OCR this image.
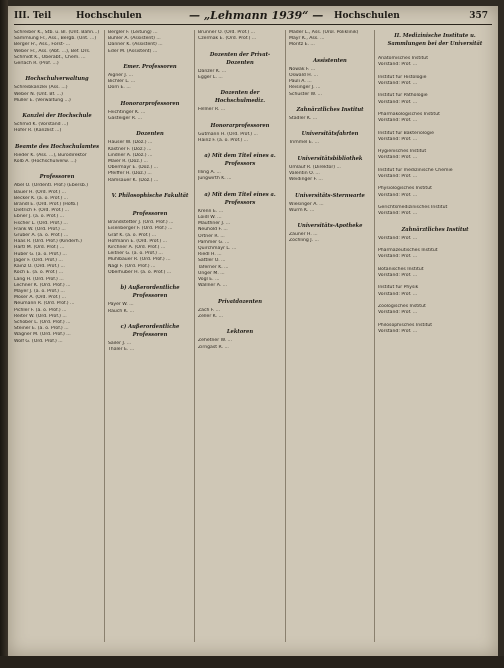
III. Teil	Hochschulen	— „Lehmann 1939“ — Hochschulen	357
Schreiber K., Stb. u. Bl. (Unt. Bahn...)
Sammlung Fr., Ass., Bergb. (Unt. ...)
Berger Fr., Ass., Forst- ...
Weber Fr., Ass. (Abt. ...), Bef. Drs.
Schmidt K., Oberabt., Chem. ...
Gerlach R. (Prof. ...)

Hochschulverwaltung
Schreibkanzlei (Ass. ...)
Weber N. (Unt. Bf. ...)
Müller E. (Verwaltung ...)

Kanzlei der Hochschule
Schmid K. (Vorstand ...)
Hofer R. (Kanzlist ...)

Beamte des Hochschulamtes
Rieder K. (Ass. ...), Bürodirektor
Kolb A. (Hochschulverw. ...)

Professoren
Abel O. (Ordentl. Prof.) (Ebersb.)
Bauer H. (Ord. Prof.) ...
Becker K. (a. o. Prof.) ...
Brandl E. (Ord. Prof.) (Hofb.)
Dietrich F. (Ord. Prof.) ...
Ebner J. (a. o. Prof.) ...
Fischer L. (Ord. Prof.) ...
Frank W. (Ord. Prof.) ...
Gruber A. (a. o. Prof.) ...
Haas R. (Ord. Prof.) (Kinderh.)
Hartl M. (Ord. Prof.) ...
Huber G. (a. o. Prof.) ...
Jäger F. (Ord. Prof.) ...
Kainz O. (Ord. Prof.) ...
Koch E. (a. o. Prof.) ...
Lang H. (Ord. Prof.) ...
Lechner K. (Ord. Prof.) ...
Mayer J. (a. o. Prof.) ...
Moser A. (Ord. Prof.) ...
Neumann R. (Ord. Prof.) ...
Pichler F. (a. o. Prof.) ...
Reiter W. (Ord. Prof.) ...
Schober L. (Ord. Prof.) ...
Steiner E. (a. o. Prof.) ...
Wagner M. (Ord. Prof.) ...
Wolf G. (Ord. Prof.) ...
Bergler F. (Leitung) ...
Bühler A. (Assistent) ...
Danner K. (Assistent) ...
Eder M. (Assistent) ...

Emer. Professoren
Aigner J. ...
Bichler L. ...
Dorn E. ...

Honorarprofessoren
Feichtinger K. ...
Gasteiger R. ...

Dozenten
Hauser W. (Doz.) ...
Kastner F. (Doz.) ...
Lindner A. (Doz.) ...
Maier R. (Doz.) ...
Obermayr E. (Doz.) ...
Pfeiffer H. (Doz.) ...
Ramsauer K. (Doz.) ...

V. Philosophische Fakultät

Professoren
Brandstetter J. (Ord. Prof.) ...
Eisenberger F. (Ord. Prof.) ...
Graf K. (a. o. Prof.) ...
Hofmann E. (Ord. Prof.) ...
Kirchner A. (Ord. Prof.) ...
Leitner G. (a. o. Prof.) ...
Mühlbauer R. (Ord. Prof.) ...
Nagl F. (Ord. Prof.) ...
Oberhuber H. (a. o. Prof.) ...

b) Außerordentliche Professoren
Payer W. ...
Rauch K. ...

c) Außerordentliche Professoren
Sailer J. ...
Thaler E. ...
Brunner O. (Ord. Prof.) ...
Czermak E. (Ord. Prof.) ...

Dozenten der Privat-Dozenten
Danzer K. ...
Egger L. ...

Dozenten der Hochschulmediz.
Fellner R. ...

Honorarprofessoren
Gutmann H. (Ord. Prof.) ...
Hainz F. (a. o. Prof.) ...

a) Mit dem Titel eines a. Professors
Illing A. ...
Jungwirth K. ...

a) Mit dem Titel eines a. Professors
Krenn E. ...
Loidl W. ...
Mauthner J. ...
Neuhold F. ...
Ortner R. ...
Pammer G. ...
Quirchmayr L. ...
Riedl H. ...
Sattler O. ...
Taferner K. ...
Unger M. ...
Vogl E. ...
Wallner A. ...

Privatdozenten
Zach F. ...
Zeller K. ...

Lektoren
Zehetner W. ...
Zirngast R. ...
Mader L., Ass. (Urol. Poliklinik)
Mayr K., Ass. ...
Moritz E. ...

Assistenten
Nowak F. ...
Oswald H. ...
Pauli A. ...
Reisinger J. ...
Schuster W. ...

Zahnärztliches Institut
Stadler K. ...

Universitätsfahrten
Trimmel E. ...

Universitätsbibliothek
Umlauf R. (Direktor) ...
Valentin O. ...
Weidinger F. ...

Universitäts-Sternwarte
Wiesinger A. ...
Wurm K. ...

Universitäts-Apotheke
Zauner H. ...
Zöchling J. ...
II. Medizinische Institute u. Sammlungen bei der Universität

Anatomisches Institut
Vorstand: Prof. ...

Institut für Histologie
Vorstand: Prof. ...

Institut für Pathologie
Vorstand: Prof. ...

Pharmakologisches Institut
Vorstand: Prof. ...

Institut für Bakteriologie
Vorstand: Prof. ...

Hygienisches Institut
Vorstand: Prof. ...

Institut für medizinische Chemie
Vorstand: Prof. ...

Physiologisches Institut
Vorstand: Prof. ...

Gerichtsmedizinisches Institut
Vorstand: Prof. ...

Zahnärztliches Institut
Vorstand: Prof. ...

Pharmazeutisches Institut
Vorstand: Prof. ...

Botanisches Institut
Vorstand: Prof. ...

Institut für Physik
Vorstand: Prof. ...

Zoologisches Institut
Vorstand: Prof. ...

Philosophisches Institut
Vorstand: Prof. ...
